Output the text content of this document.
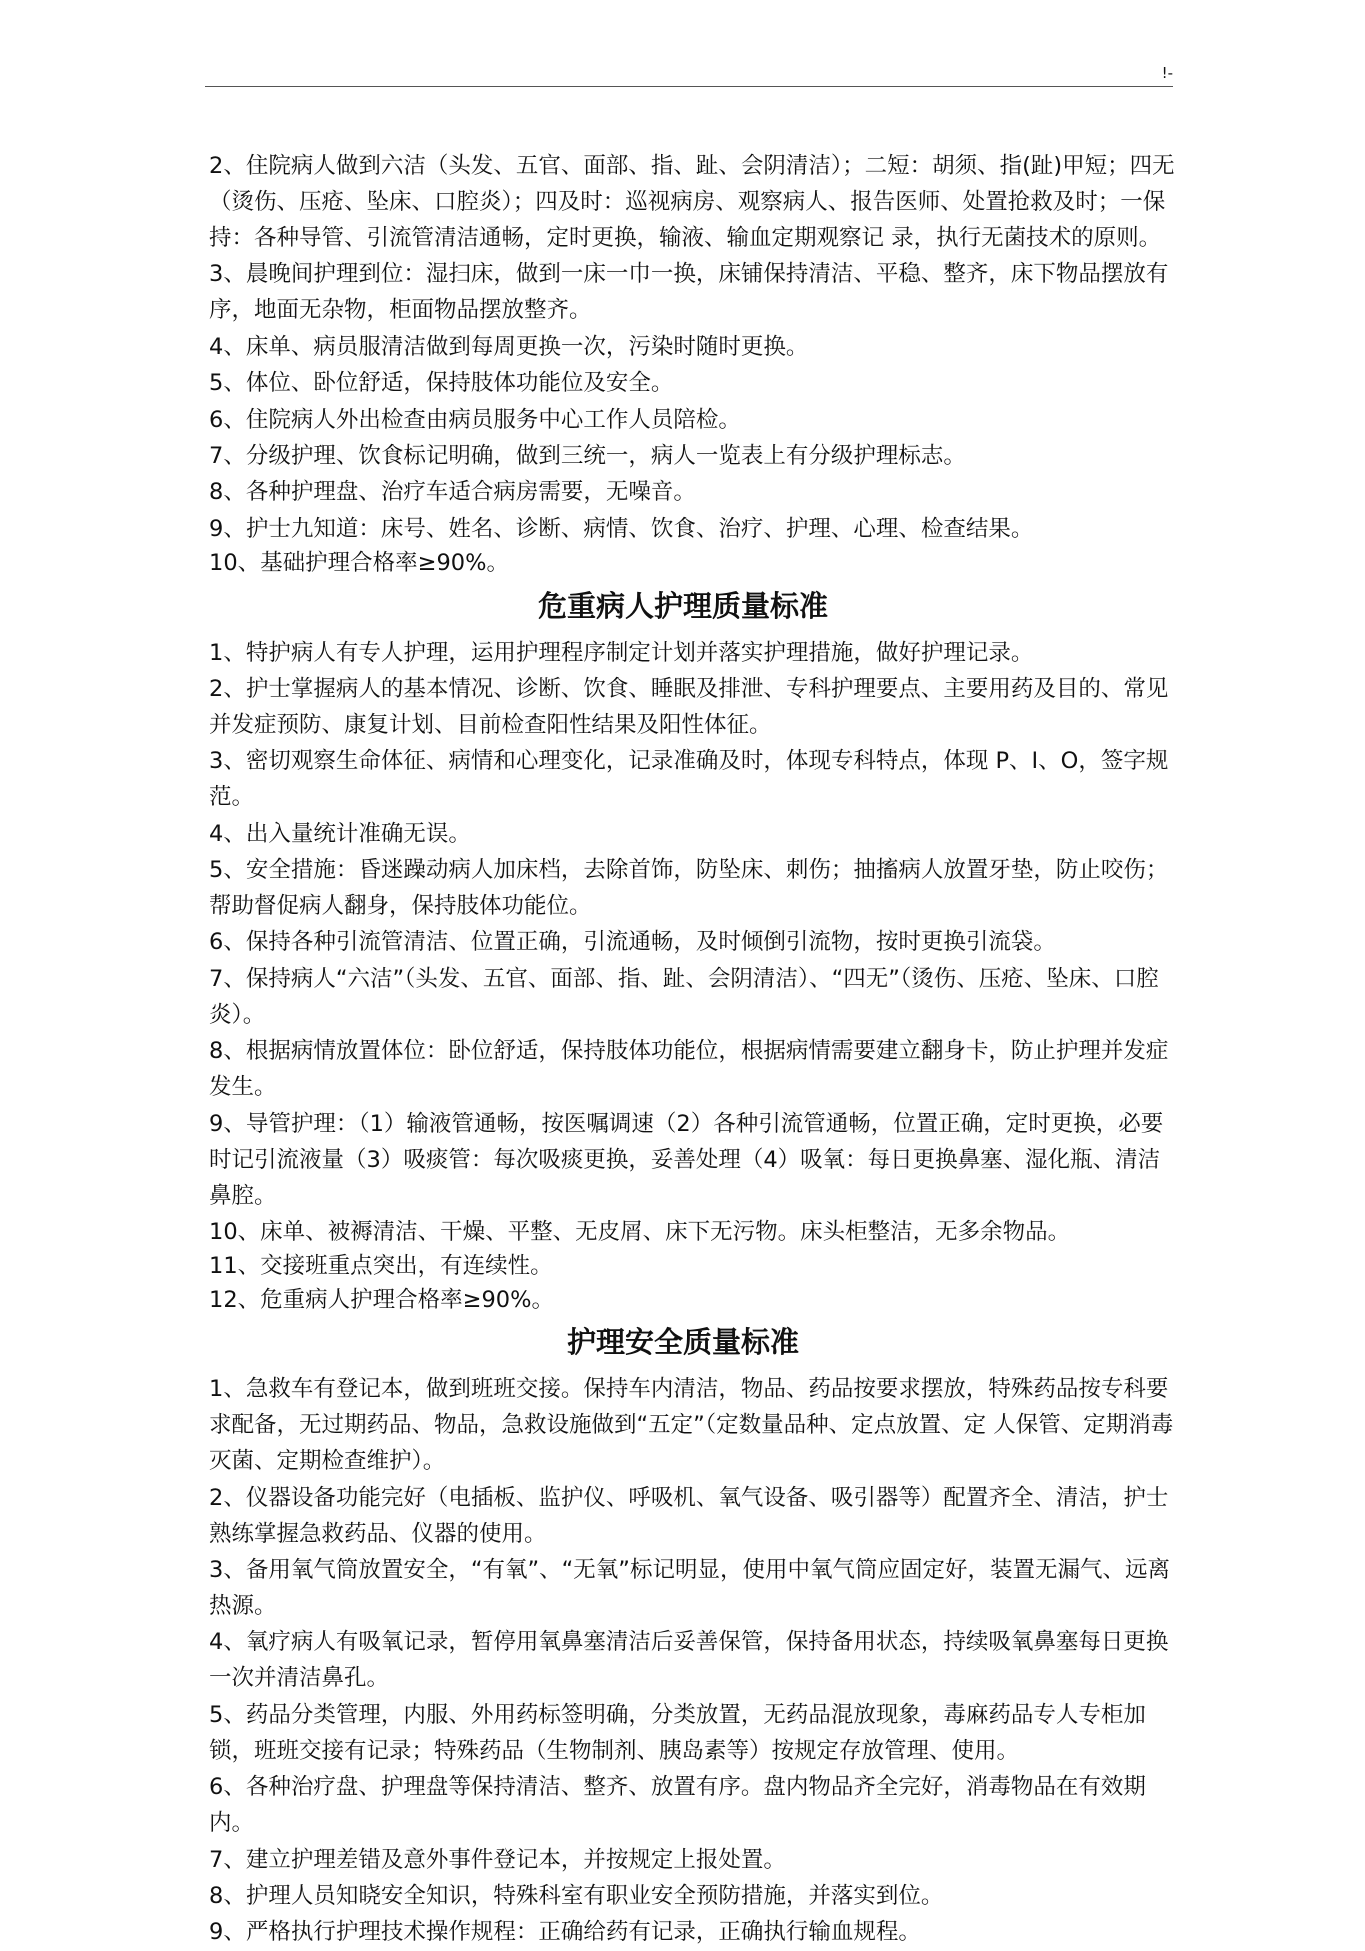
!-

2、住院病人做到六洁（头发、五官、面部、指、趾、会阴清洁）；二短：胡须、指(趾)甲短；四无（烫伤、压疮、坠床、口腔炎）；四及时：巡视病房、观察病人、报告医师、处置抢救及时；一保持：各种导管、引流管清洁通畅，定时更换，输液、输血定期观察记 录，执行无菌技术的原则。

3、晨晚间护理到位：湿扫床，做到一床一巾一换，床铺保持清洁、平稳、整齐，床下物品摆放有序，地面无杂物，柜面物品摆放整齐。

4、床单、病员服清洁做到每周更换一次，污染时随时更换。

5、体位、卧位舒适，保持肢体功能位及安全。

6、住院病人外出检查由病员服务中心工作人员陪检。

7、分级护理、饮食标记明确，做到三统一，病人一览表上有分级护理标志。

8、各种护理盘、治疗车适合病房需要，无噪音。

9、护士九知道：床号、姓名、诊断、病情、饮食、治疗、护理、心理、检查结果。

10、基础护理合格率≥90%。

危重病人护理质量标准

1、特护病人有专人护理，运用护理程序制定计划并落实护理措施，做好护理记录。

2、护士掌握病人的基本情况、诊断、饮食、睡眠及排泄、专科护理要点、主要用药及目的、常见并发症预防、康复计划、目前检查阳性结果及阳性体征。

3、密切观察生命体征、病情和心理变化，记录准确及时，体现专科特点，体现 P、I、O，签字规范。

4、出入量统计准确无误。

5、安全措施：昏迷躁动病人加床档，去除首饰，防坠床、刺伤；抽搐病人放置牙垫，防止咬伤；帮助督促病人翻身，保持肢体功能位。

6、保持各种引流管清洁、位置正确，引流通畅，及时倾倒引流物，按时更换引流袋。

7、保持病人“六洁”（头发、五官、面部、指、趾、会阴清洁）、“四无”（烫伤、压疮、坠床、口腔炎）。

8、根据病情放置体位：卧位舒适，保持肢体功能位，根据病情需要建立翻身卡，防止护理并发症发生。

9、导管护理：（1）输液管通畅，按医嘱调速（2）各种引流管通畅，位置正确，定时更换，必要时记引流液量（3）吸痰管：每次吸痰更换，妥善处理（4）吸氧：每日更换鼻塞、湿化瓶、清洁鼻腔。

10、床单、被褥清洁、干燥、平整、无皮屑、床下无污物。床头柜整洁，无多余物品。

11、交接班重点突出，有连续性。

12、危重病人护理合格率≥90%。

护理安全质量标准

1、急救车有登记本，做到班班交接。保持车内清洁，物品、药品按要求摆放，特殊药品按专科要求配备，无过期药品、物品，急救设施做到“五定”（定数量品种、定点放置、定 人保管、定期消毒灭菌、定期检查维护）。

2、仪器设备功能完好（电插板、监护仪、呼吸机、氧气设备、吸引器等）配置齐全、清洁，护士熟练掌握急救药品、仪器的使用。

3、备用氧气筒放置安全，“有氧”、“无氧”标记明显，使用中氧气筒应固定好，装置无漏气、远离热源。

4、氧疗病人有吸氧记录，暂停用氧鼻塞清洁后妥善保管，保持备用状态，持续吸氧鼻塞每日更换一次并清洁鼻孔。

5、药品分类管理，内服、外用药标签明确，分类放置，无药品混放现象，毒麻药品专人专柜加锁，班班交接有记录；特殊药品（生物制剂、胰岛素等）按规定存放管理、使用。

6、各种治疗盘、护理盘等保持清洁、整齐、放置有序。盘内物品齐全完好，消毒物品在有效期内。

7、建立护理差错及意外事件登记本，并按规定上报处置。

8、护理人员知晓安全知识，特殊科室有职业安全预防措施，并落实到位。

9、严格执行护理技术操作规程：正确给药有记录，正确执行输血规程。
